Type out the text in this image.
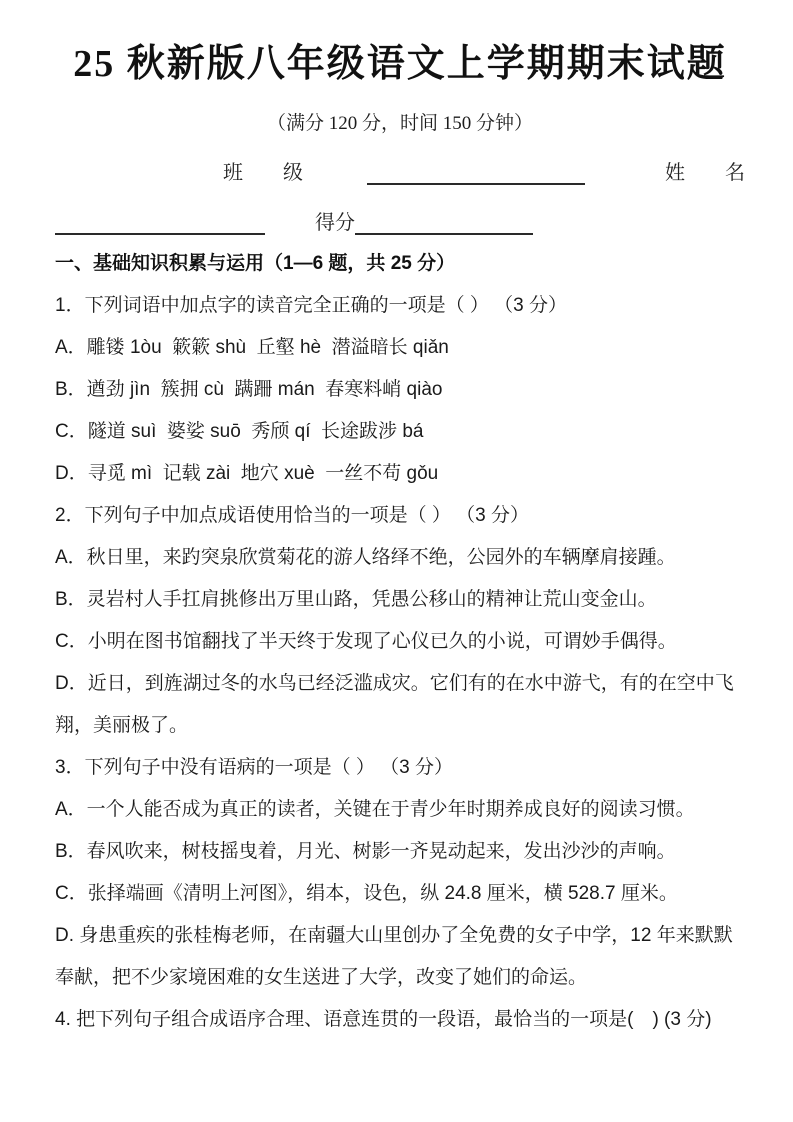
25 秋新版八年级语文上学期期末试题
（满分 120 分，时间 150 分钟）
班　　级	姓　　名
得分

一、基础知识积累与运用（1—6 题，共 25 分）

1．下列词语中加点字的读音完全正确的一项是（ ） （3 分）

A．雕镂 1òu  簌簌 shù  丘壑 hè  潜溢暗长 qiǎn

B．遒劲 jìn  簇拥 cù  蹒跚 mán  春寒料峭 qiào

C．隧道 suì  婆娑 suō  秀颀 qí  长途跋涉 bá

D．寻觅 mì  记载 zài  地穴 xuè  一丝不苟 gǒu

2．下列句子中加点成语使用恰当的一项是（ ） （3 分）

A．秋日里，来趵突泉欣赏菊花的游人络绎不绝，公园外的车辆摩肩接踵。

B．灵岩村人手扛肩挑修出万里山路，凭愚公移山的精神让荒山变金山。

C．小明在图书馆翻找了半天终于发现了心仪已久的小说，可谓妙手偶得。

D．近日，到旌湖过冬的水鸟已经泛滥成灾。它们有的在水中游弋，有的在空中飞翔，美丽极了。

3．下列句子中没有语病的一项是（ ） （3 分）

A．一个人能否成为真正的读者，关键在于青少年时期养成良好的阅读习惯。

B．春风吹来，树枝摇曳着，月光、树影一齐晃动起来，发出沙沙的声响。

C．张择端画《清明上河图》，绢本，设色，纵 24.8 厘米，横 528.7 厘米。

D. 身患重疾的张桂梅老师，在南疆大山里创办了全免费的女子中学，12 年来默默奉献，把不少家境困难的女生送进了大学，改变了她们的命运。

4. 把下列句子组合成语序合理、语意连贯的一段语，最恰当的一项是(　) (3 分)
